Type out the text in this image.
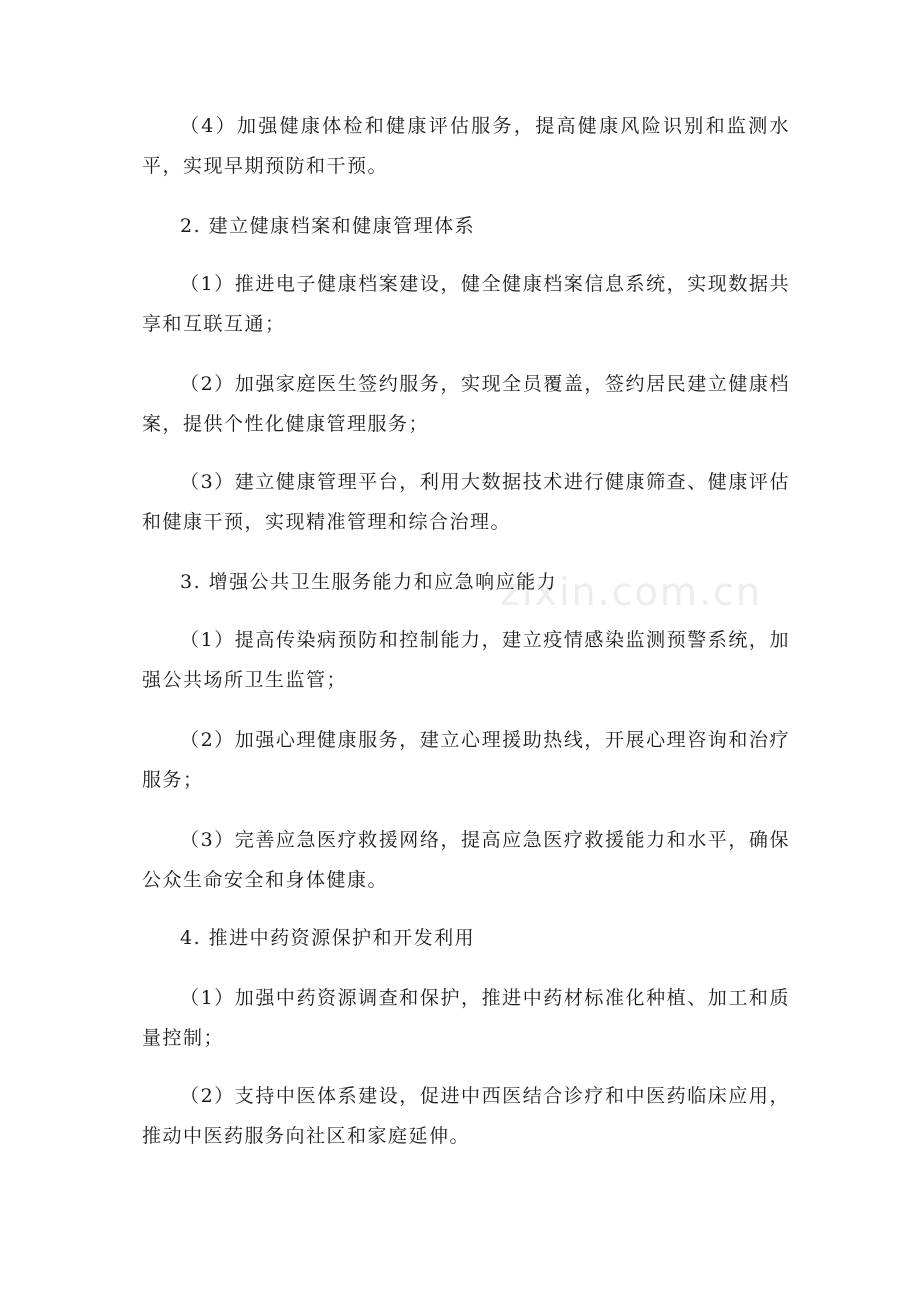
zixin.com.cn

（4）加强健康体检和健康评估服务，提高健康风险识别和监测水平，实现早期预防和干预。

2. 建立健康档案和健康管理体系

（1）推进电子健康档案建设，健全健康档案信息系统，实现数据共享和互联互通；

（2）加强家庭医生签约服务，实现全员覆盖，签约居民建立健康档案，提供个性化健康管理服务；

（3）建立健康管理平台，利用大数据技术进行健康筛查、健康评估和健康干预，实现精准管理和综合治理。

3. 增强公共卫生服务能力和应急响应能力

（1）提高传染病预防和控制能力，建立疫情感染监测预警系统，加强公共场所卫生监管；

（2）加强心理健康服务，建立心理援助热线，开展心理咨询和治疗服务；

（3）完善应急医疗救援网络，提高应急医疗救援能力和水平，确保公众生命安全和身体健康。

4. 推进中药资源保护和开发利用

（1）加强中药资源调查和保护，推进中药材标准化种植、加工和质量控制；

（2）支持中医体系建设，促进中西医结合诊疗和中医药临床应用，推动中医药服务向社区和家庭延伸。
